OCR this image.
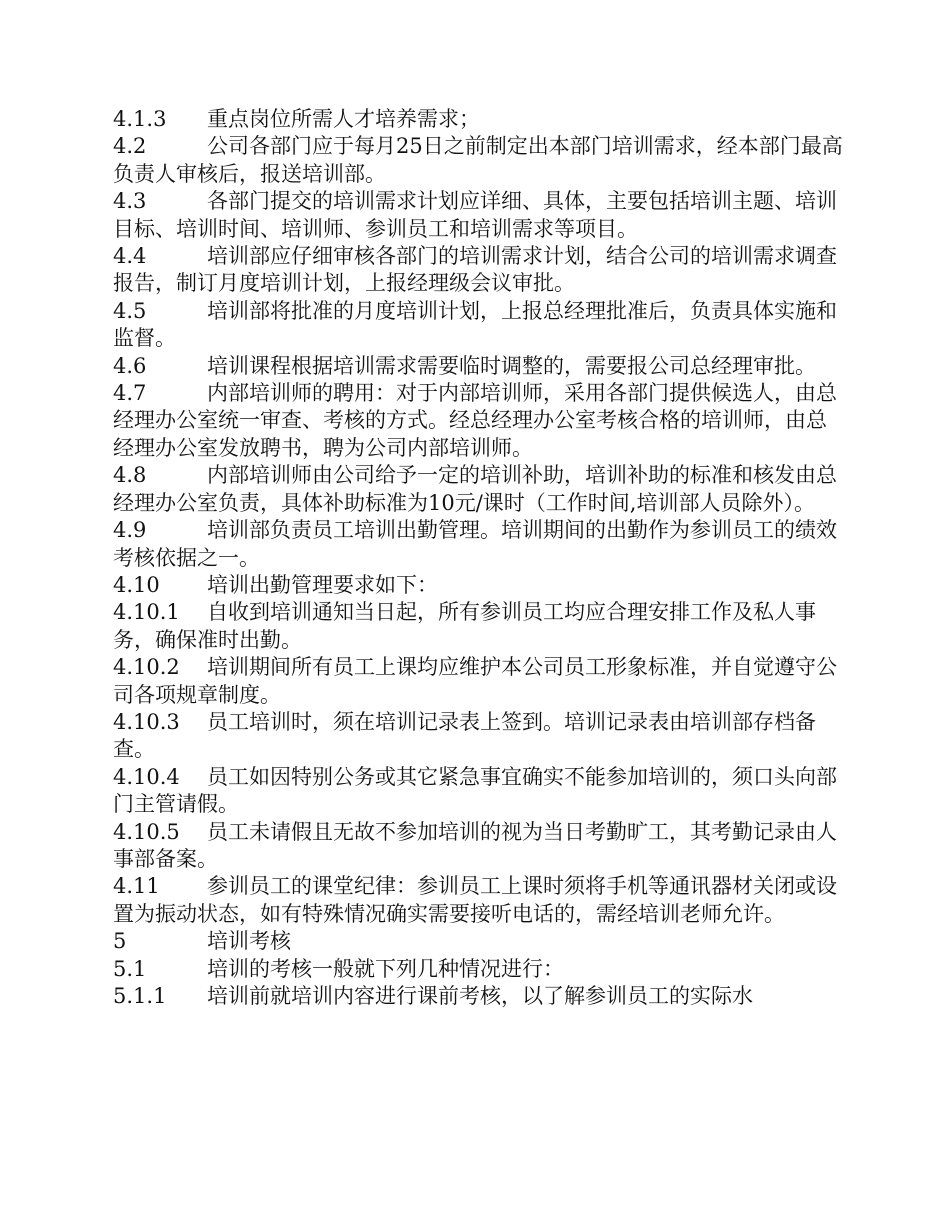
4.1.3 重点岗位所需人才培养需求；

4.2	公司各部门应于每月25日之前制定出本部门培训需求，经本部门最高负责人审核后，报送培训部。

4.3	各部门提交的培训需求计划应详细、具体，主要包括培训主题、培训目标、培训时间、培训师、参训员工和培训需求等项目。

4.4	培训部应仔细审核各部门的培训需求计划，结合公司的培训需求调查报告，制订月度培训计划，上报经理级会议审批。

4.5	培训部将批准的月度培训计划，上报总经理批准后，负责具体实施和监督。

4.6	培训课程根据培训需求需要临时调整的，需要报公司总经理审批。

4.7	内部培训师的聘用：对于内部培训师，采用各部门提供候选人，由总经理办公室统一审查、考核的方式。经总经理办公室考核合格的培训师，由总经理办公室发放聘书，聘为公司内部培训师。

4.8	内部培训师由公司给予一定的培训补助，培训补助的标准和核发由总经理办公室负责，具体补助标准为10元/课时（工作时间,培训部人员除外）。

4.9	培训部负责员工培训出勤管理。培训期间的出勤作为参训员工的绩效考核依据之一。

4.10 培训出勤管理要求如下：

4.10.1 自收到培训通知当日起，所有参训员工均应合理安排工作及私人事务，确保准时出勤。

4.10.2 培训期间所有员工上课均应维护本公司员工形象标准，并自觉遵守公司各项规章制度。

4.10.3 员工培训时，须在培训记录表上签到。培训记录表由培训部存档备查。

4.10.4 员工如因特别公务或其它紧急事宜确实不能参加培训的，须口头向部门主管请假。

4.10.5 员工未请假且无故不参加培训的视为当日考勤旷工，其考勤记录由人事部备案。

4.11 参训员工的课堂纪律：参训员工上课时须将手机等通讯器材关闭或设置为振动状态，如有特殊情况确实需要接听电话的，需经培训老师允许。

5	培训考核

5.1	培训的考核一般就下列几种情况进行：

5.1.1 培训前就培训内容进行课前考核，以了解参训员工的实际水
